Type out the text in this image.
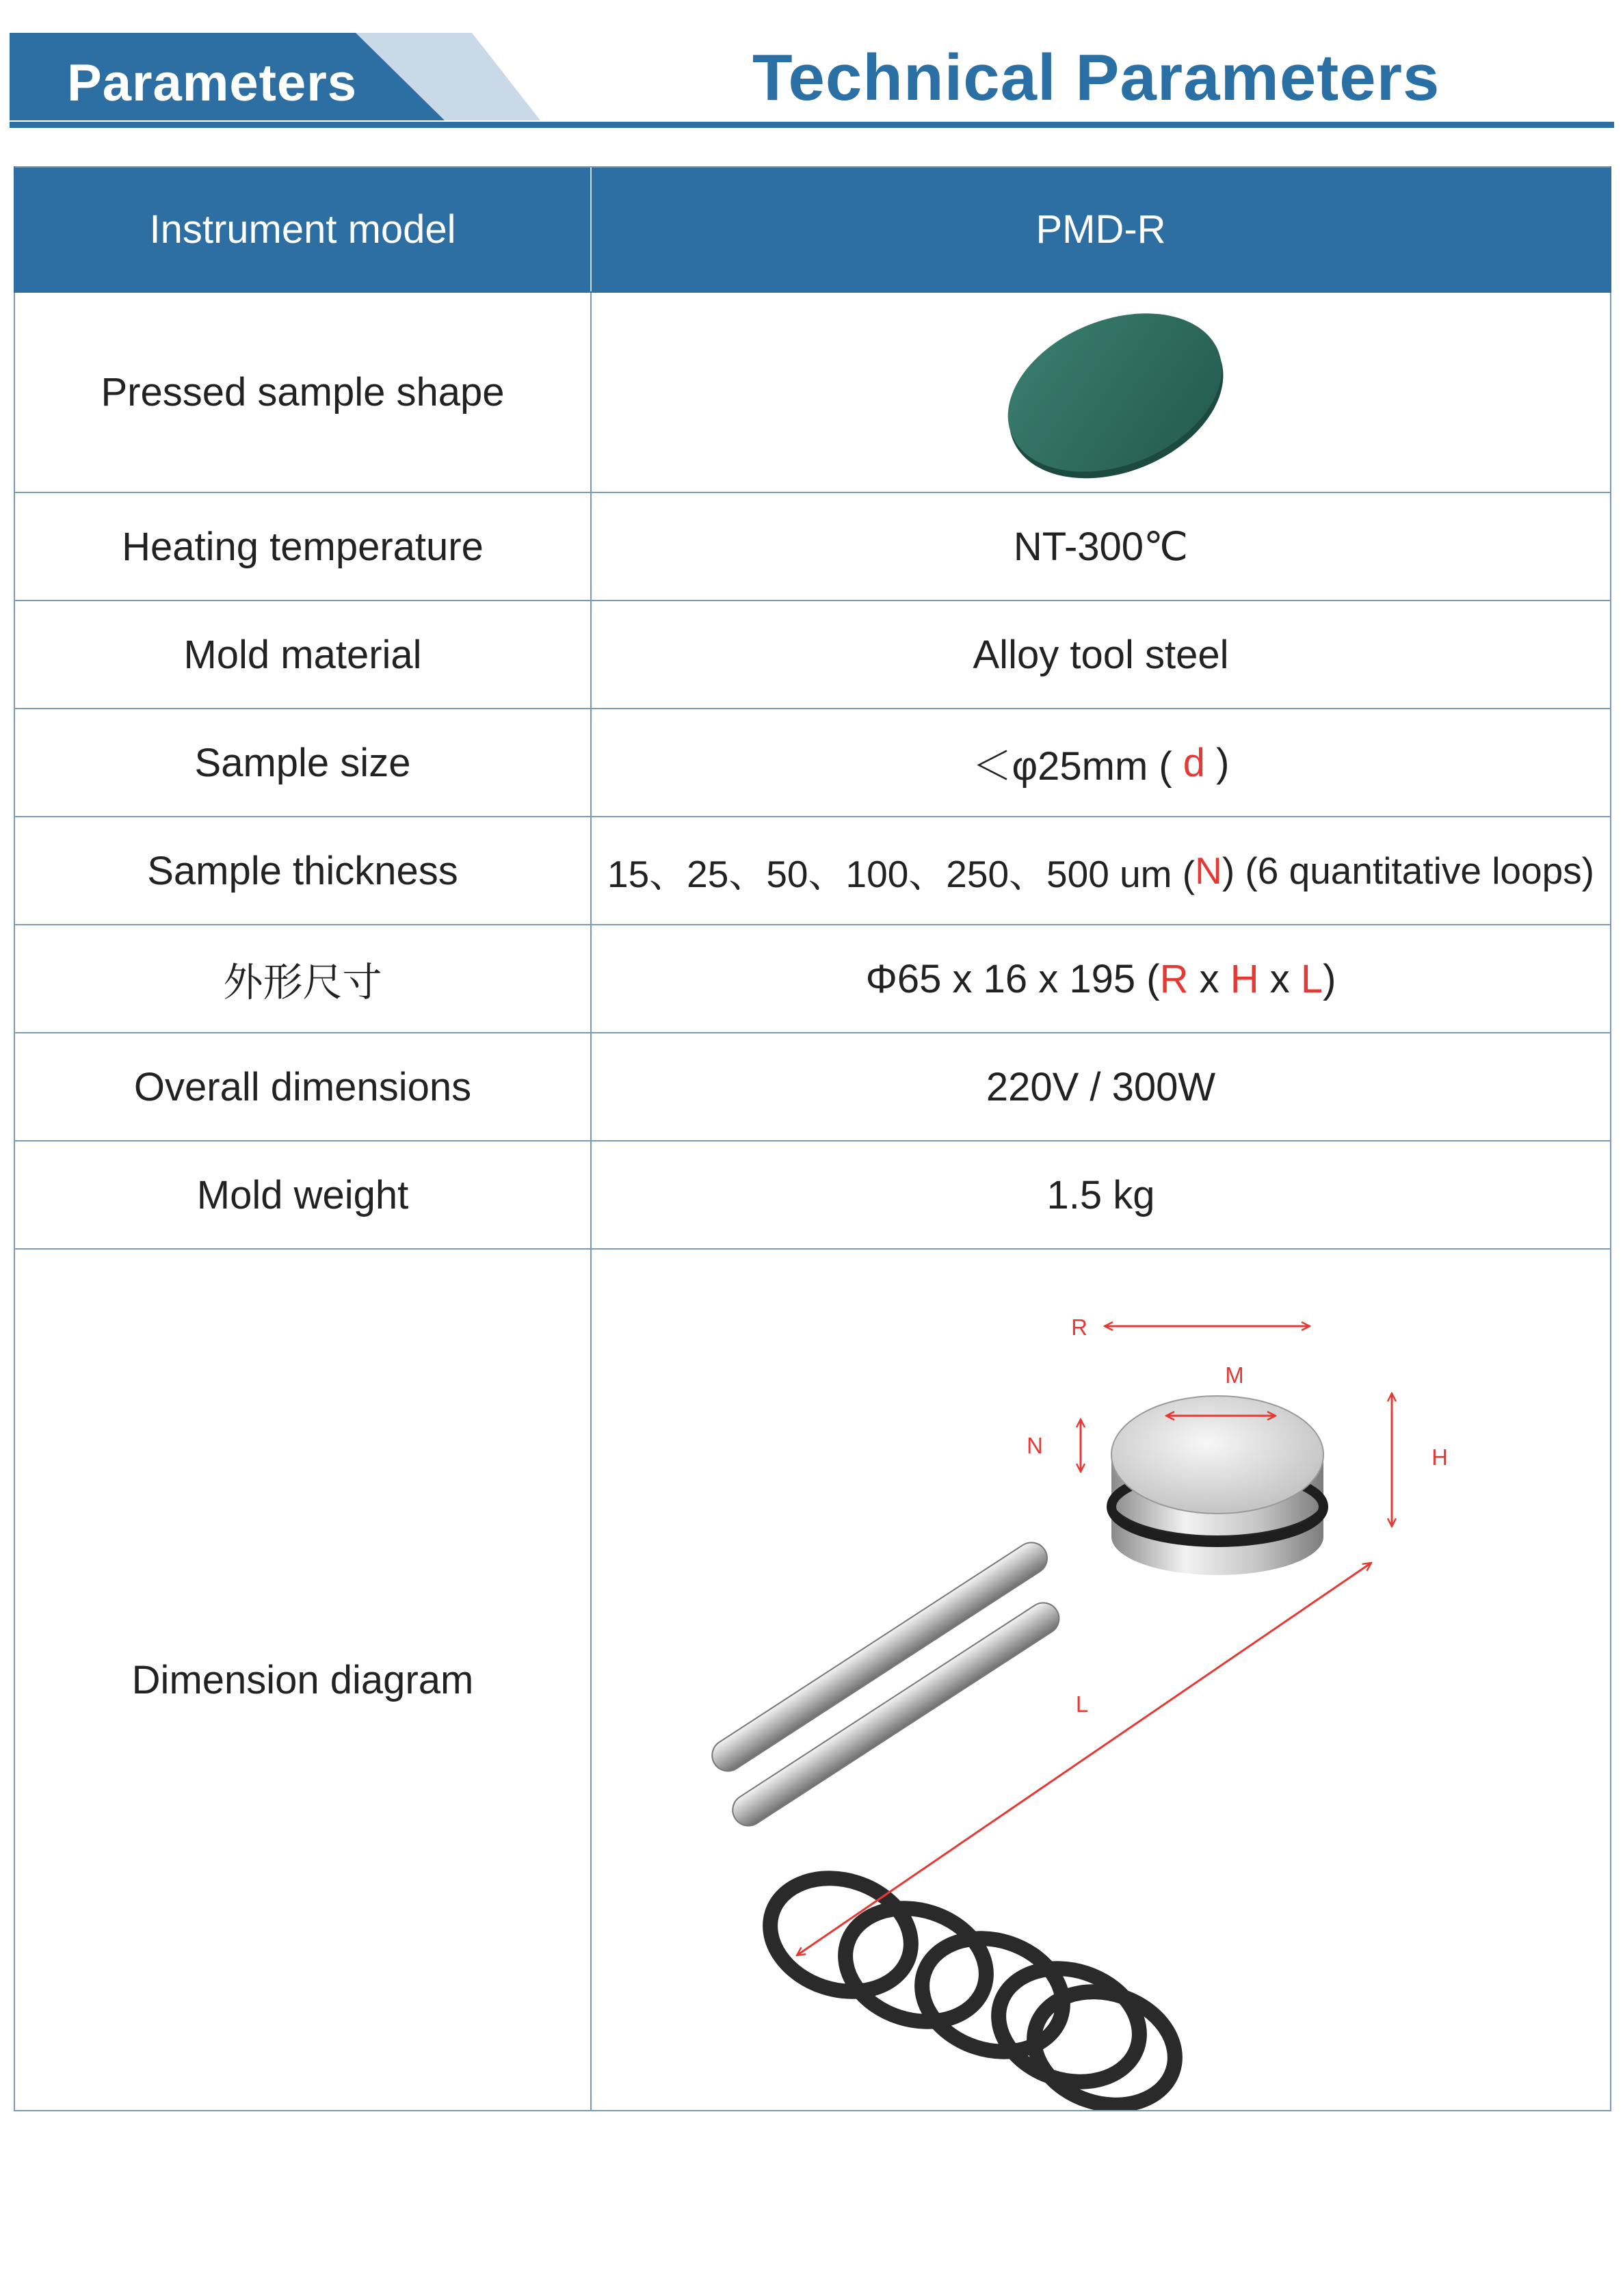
Parameters	Technical Parameters
Instrument model	PMD-R
Pressed sample shape
Heating temperature	NT-300℃
Mold material	Alloy tool steel
Sample size	＜φ25mm ( d )
Sample thickness	15、25、50、100、250、500 um ( N ) (6 quantitative loops)
外形尺寸	Φ65 x 16 x 195 ( R x H x L )
Overall dimensions	220V / 300W
Mold weight	1.5 kg
Dimension diagram
R
M
N	H
L
